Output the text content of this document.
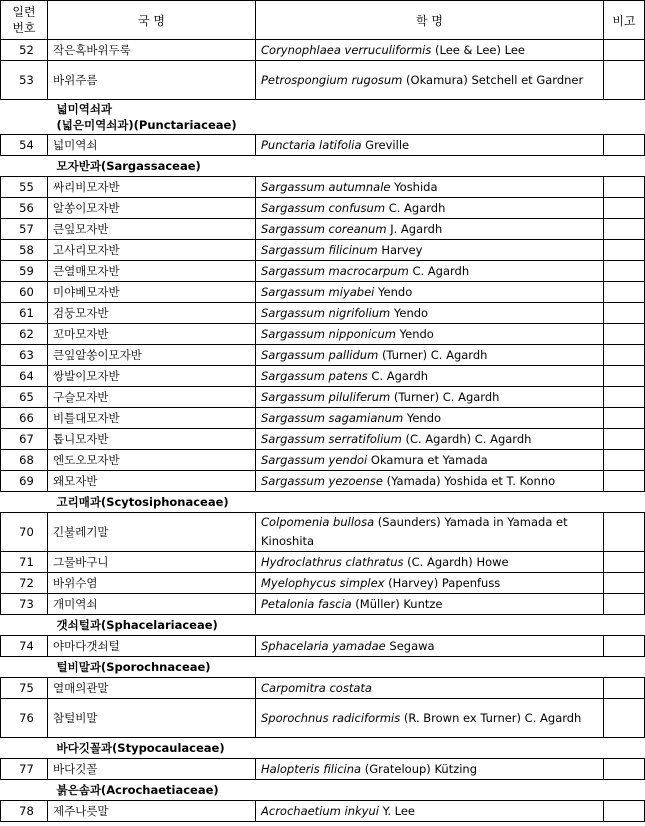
일련
번호	국 명	학 명	비고
52	작은혹바위두룩	Corynophlaea verruculiformis (Lee & Lee) Lee	
53	바위주름	Petrospongium rugosum (Okamura) Setchell et Gardner	
넓미역쇠과
(넓은미역쇠과)(Punctariaceae)			
54	넓미역쇠	Punctaria latifolia Greville	
모자반과(Sargassaceae)			
55	싸리비모자반	Sargassum autumnale Yoshida	
56	알쏭이모자반	Sargassum confusum C. Agardh	
57	큰잎모자반	Sargassum coreanum J. Agardh	
58	고사리모자반	Sargassum filicinum Harvey	
59	큰열매모자반	Sargassum macrocarpum C. Agardh	
60	미야베모자반	Sargassum miyabei Yendo	
61	검둥모자반	Sargassum nigrifolium Yendo	
62	꼬마모자반	Sargassum nipponicum Yendo	
63	큰잎알쏭이모자반	Sargassum pallidum (Turner) C. Agardh	
64	쌍발이모자반	Sargassum patens C. Agardh	
65	구슬모자반	Sargassum piluliferum (Turner) C. Agardh	
66	비틀대모자반	Sargassum sagamianum Yendo	
67	톱니모자반	Sargassum serratifolium (C. Agardh) C. Agardh	
68	엔도오모자반	Sargassum yendoi Okamura et Yamada	
69	왜모자반	Sargassum yezoense (Yamada) Yoshida et T. Konno	
고리매과(Scytosiphonaceae)			
70	긴불레기말	Colpomenia bullosa (Saunders) Yamada in Yamada et Kinoshita	
71	그물바구니	Hydroclathrus clathratus (C. Agardh) Howe	
72	바위수염	Myelophycus simplex (Harvey) Papenfuss	
73	개미역쇠	Petalonia fascia (Müller) Kuntze	
갯쇠털과(Sphacelariaceae)			
74	야마다갯쇠털	Sphacelaria yamadae Segawa	
털비말과(Sporochnaceae)			
75	열매의관말	Carpomitra costata	
76	참털비말	Sporochnus radiciformis (R. Brown ex Turner) C. Agardh	
바다깃꼴과(Stypocaulaceae)			
77	바다깃꼴	Halopteris filicina (Grateloup) Kützing	
붉은솜과(Acrochaetiaceae)			
78	제주나릇말	Acrochaetium inkyui Y. Lee	
